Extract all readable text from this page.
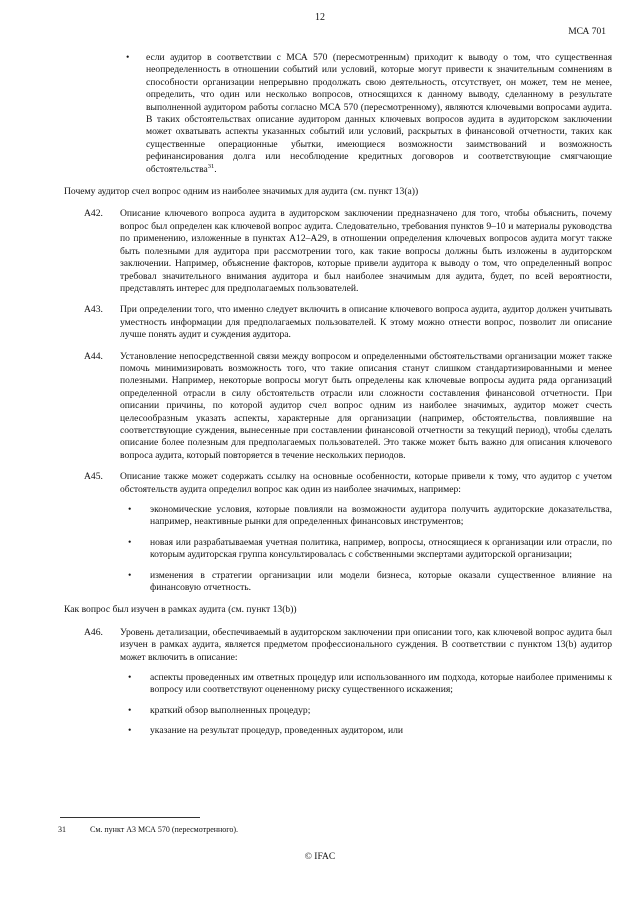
12
МСА 701
• если аудитор в соответствии с МСА 570 (пересмотренным) приходит к выводу о том, что существенная неопределенность в отношении событий или условий, которые могут привести к значительным сомнениям в способности организации непрерывно продолжать свою деятельность, отсутствует, он может, тем не менее, определить, что один или несколько вопросов, относящихся к данному выводу, сделанному в результате выполненной аудитором работы согласно МСА 570 (пересмотренному), являются ключевыми вопросами аудита. В таких обстоятельствах описание аудитором данных ключевых вопросов аудита в аудиторском заключении может охватывать аспекты указанных событий или условий, раскрытых в финансовой отчетности, таких как существенные операционные убытки, имеющиеся возможности заимствований и возможность рефинансирования долга или несоблюдение кредитных договоров и соответствующие смягчающие обстоятельства$^{31}$.
Почему аудитор счел вопрос одним из наиболее значимых для аудита (см. пункт 13(а))
A42. Описание ключевого вопроса аудита в аудиторском заключении предназначено для того, чтобы объяснить, почему вопрос был определен как ключевой вопрос аудита. Следовательно, требования пунктов 9–10 и материалы руководства по применению, изложенные в пунктах А12–А29, в отношении определения ключевых вопросов аудита могут также быть полезными для аудитора при рассмотрении того, как такие вопросы должны быть изложены в аудиторском заключении. Например, объяснение факторов, которые привели аудитора к выводу о том, что определенный вопрос требовал значительного внимания аудитора и был наиболее значимым для аудита, будет, по всей вероятности, представлять интерес для предполагаемых пользователей.
A43. При определении того, что именно следует включить в описание ключевого вопроса аудита, аудитор должен учитывать уместность информации для предполагаемых пользователей. К этому можно отнести вопрос, позволит ли описание лучше понять аудит и суждения аудитора.
A44. Установление непосредственной связи между вопросом и определенными обстоятельствами организации может также помочь минимизировать возможность того, что такие описания станут слишком стандартизированными и менее полезными. Например, некоторые вопросы могут быть определены как ключевые вопросы аудита ряда организаций определенной отрасли в силу обстоятельств отрасли или сложности составления финансовой отчетности. При описании причины, по которой аудитор счел вопрос одним из наиболее значимых, аудитор может счесть целесообразным указать аспекты, характерные для организации (например, обстоятельства, повлиявшие на соответствующие суждения, вынесенные при составлении финансовой отчетности за текущий период), чтобы сделать описание более полезным для предполагаемых пользователей. Это также может быть важно для описания ключевого вопроса аудита, который повторяется в течение нескольких периодов.
A45. Описание также может содержать ссылку на основные особенности, которые привели к тому, что аудитор с учетом обстоятельств аудита определил вопрос как один из наиболее значимых, например:
• экономические условия, которые повлияли на возможности аудитора получить аудиторские доказательства, например, неактивные рынки для определенных финансовых инструментов;
• новая или разрабатываемая учетная политика, например, вопросы, относящиеся к организации или отрасли, по которым аудиторская группа консультировалась с собственными экспертами аудиторской организации;
• изменения в стратегии организации или модели бизнеса, которые оказали существенное влияние на финансовую отчетность.
Как вопрос был изучен в рамках аудита (см. пункт 13(b))
A46. Уровень детализации, обеспечиваемый в аудиторском заключении при описании того, как ключевой вопрос аудита был изучен в рамках аудита, является предметом профессионального суждения. В соответствии с пунктом 13(b) аудитор может включить в описание:
• аспекты проведенных им ответных процедур или использованного им подхода, которые наиболее применимы к вопросу или соответствуют оцененному риску существенного искажения;
• краткий обзор выполненных процедур;
• указание на результат процедур, проведенных аудитором, или
31	См. пункт А3 МСА 570 (пересмотренного).
© IFAC
